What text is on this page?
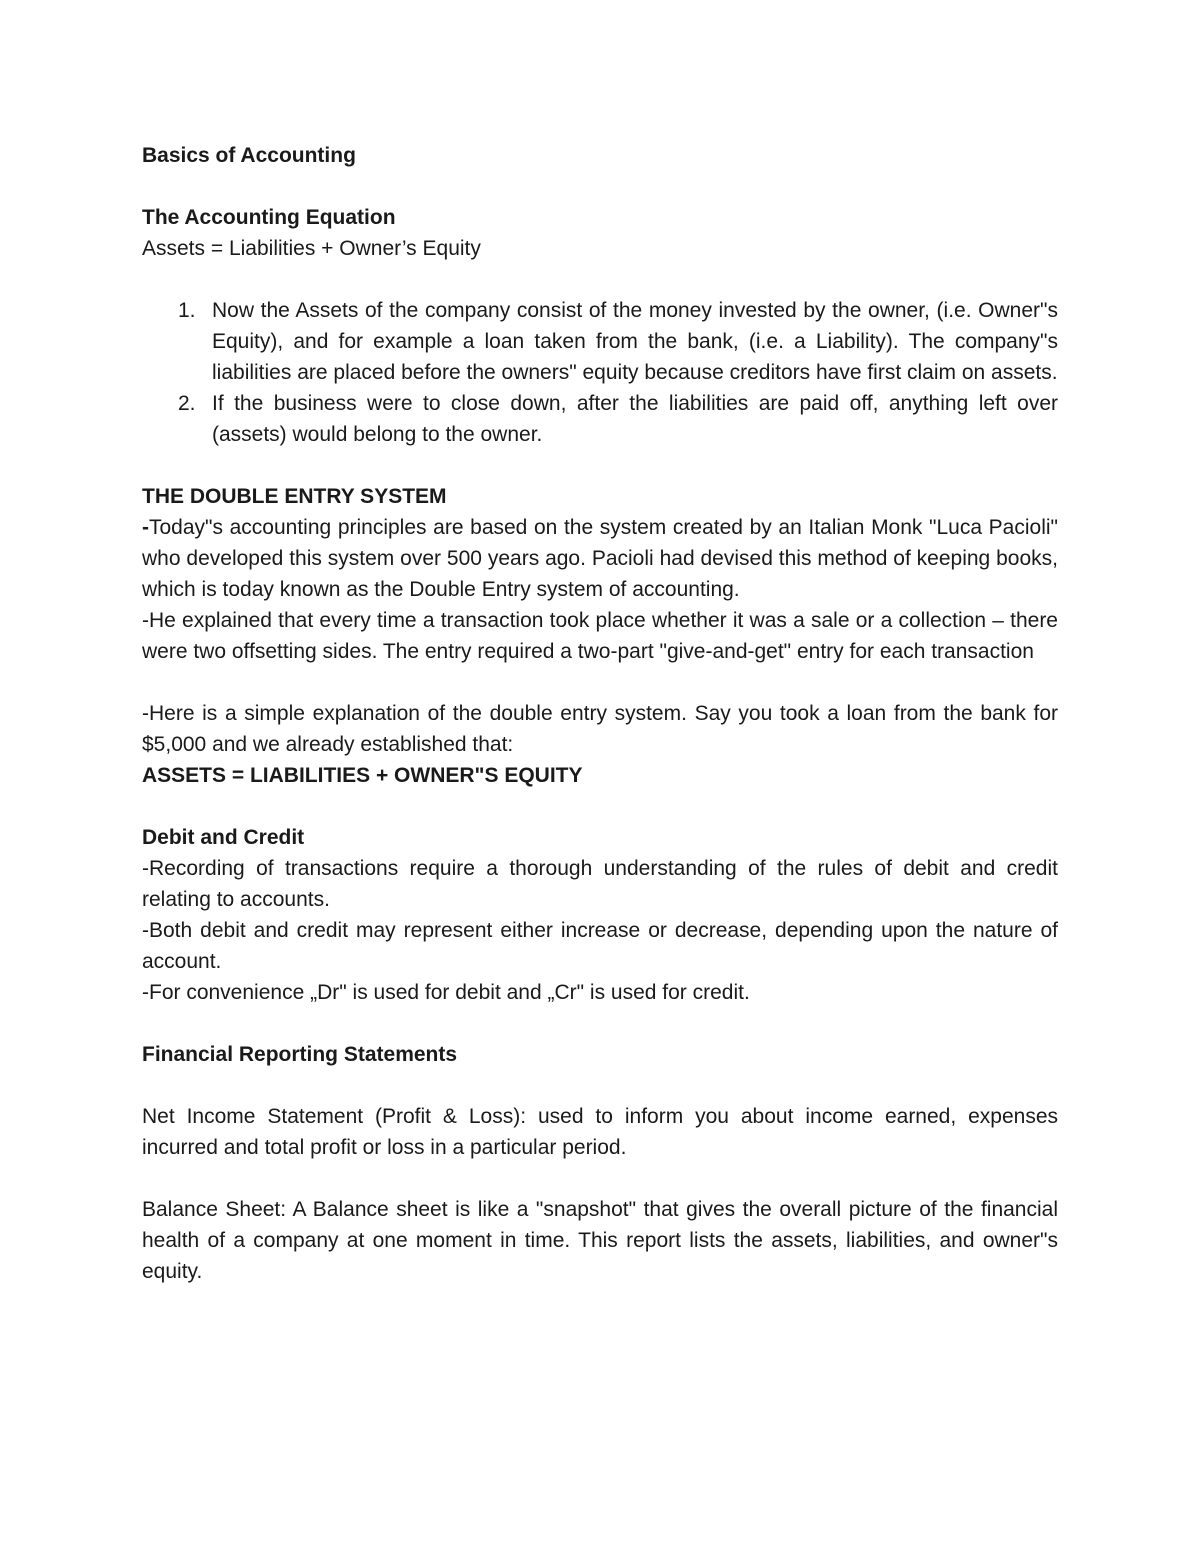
Basics of Accounting

The Accounting Equation

Assets = Liabilities + Owner’s Equity

1. Now the Assets of the company consist of the money invested by the owner, (i.e. Owner"s Equity), and for example a loan taken from the bank, (i.e. a Liability). The company"s liabilities are placed before the owners" equity because creditors have first claim on assets.
2. If the business were to close down, after the liabilities are paid off, anything left over (assets) would belong to the owner.

THE DOUBLE ENTRY SYSTEM

-Today"s accounting principles are based on the system created by an Italian Monk "Luca Pacioli" who developed this system over 500 years ago. Pacioli had devised this method of keeping books, which is today known as the Double Entry system of accounting.

-He explained that every time a transaction took place whether it was a sale or a collection – there were two offsetting sides. The entry required a two-part "give-and-get" entry for each transaction

-Here is a simple explanation of the double entry system. Say you took a loan from the bank for $5,000 and we already established that:

ASSETS = LIABILITIES + OWNER"S EQUITY

Debit and Credit

-Recording of transactions require a thorough understanding of the rules of debit and credit relating to accounts.

-Both debit and credit may represent either increase or decrease, depending upon the nature of account.

-For convenience „Dr" is used for debit and „Cr" is used for credit.

Financial Reporting Statements

Net Income Statement (Profit & Loss): used to inform you about income earned, expenses incurred and total profit or loss in a particular period.

Balance Sheet: A Balance sheet is like a "snapshot" that gives the overall picture of the financial health of a company at one moment in time. This report lists the assets, liabilities, and owner"s equity.
